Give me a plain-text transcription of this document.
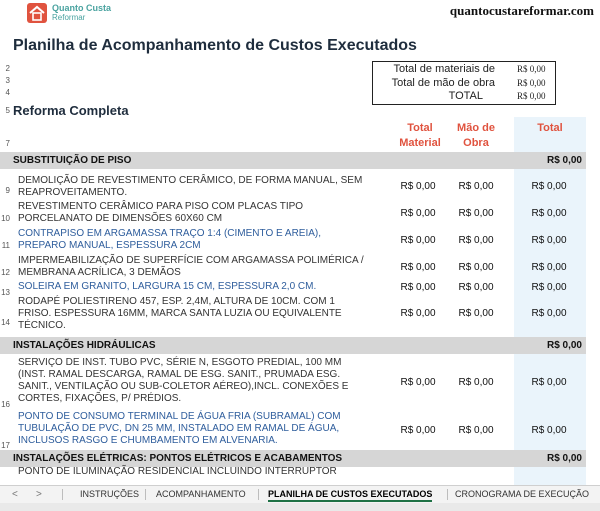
2
3
4
5
7
9
10
11
12
13
14
16
17
Quanto Custa
Reformar	quantocustareformar.com
Planilha de Acompanhamento de Custos Executados
Total de materiais de R$ 0,00
Total de mão de obra R$ 0,00
TOTAL	R$ 0,00
Reforma Completa
Total
Material
Mão de
Obra
Total
SUBSTITUIÇÃO DE PISO	R$ 0,00
DEMOLIÇÃO DE REVESTIMENTO CERÂMICO, DE FORMA MANUAL, SEM
REAPROVEITAMENTO.
R$ 0,00	R$ 0,00	R$ 0,00
REVESTIMENTO CERÂMICO PARA PISO COM PLACAS TIPO
PORCELANATO DE DIMENSÕES 60X60 CM	R$ 0,00	R$ 0,00	R$ 0,00
CONTRAPISO EM ARGAMASSA TRAÇO 1:4 (CIMENTO E AREIA),
PREPARO MANUAL, ESPESSURA 2CM	R$ 0,00	R$ 0,00	R$ 0,00
IMPERMEABILIZAÇÃO DE SUPERFÍCIE COM ARGAMASSA POLIMÉRICA /
MEMBRANA ACRÍLICA, 3 DEMÃOS	R$ 0,00	R$ 0,00	R$ 0,00
SOLEIRA EM GRANITO, LARGURA 15 CM, ESPESSURA 2,0 CM.	R$ 0,00	R$ 0,00	R$ 0,00
RODAPÉ POLIESTIRENO 457, ESP. 2,4M, ALTURA DE 10CM. COM 1
FRISO. ESPESSURA 16MM, MARCA SANTA LUZIA OU EQUIVALENTE
TÉCNICO.
R$ 0,00	R$ 0,00	R$ 0,00
INSTALAÇÕES HIDRÁULICAS	R$ 0,00
SERVIÇO DE INST. TUBO PVC, SÉRIE N, ESGOTO PREDIAL, 100 MM
(INST. RAMAL DESCARGA, RAMAL DE ESG. SANIT., PRUMADA ESG.
SANIT., VENTILAÇÃO OU SUB-COLETOR AÉREO),INCL. CONEXÕES E
CORTES, FIXAÇÕES, P/ PRÉDIOS.
R$ 0,00	R$ 0,00	R$ 0,00
PONTO DE CONSUMO TERMINAL DE ÁGUA FRIA (SUBRAMAL) COM
TUBULAÇÃO DE PVC, DN 25 MM, INSTALADO EM RAMAL DE ÁGUA,
INCLUSOS RASGO E CHUMBAMENTO EM ALVENARIA.
R$ 0,00	R$ 0,00	R$ 0,00
INSTALAÇÕES ELÉTRICAS: PONTOS ELÉTRICOS E ACABAMENTOS	R$ 0,00
PONTO DE ILUMINAÇÃO RESIDENCIAL INCLUINDO INTERRUPTOR
< >	INSTRUÇÕES ACOMPANHAMENTO PLANILHA DE CUSTOS EXECUTADOS	CRONOGRAMA DE EXECUÇÃO
